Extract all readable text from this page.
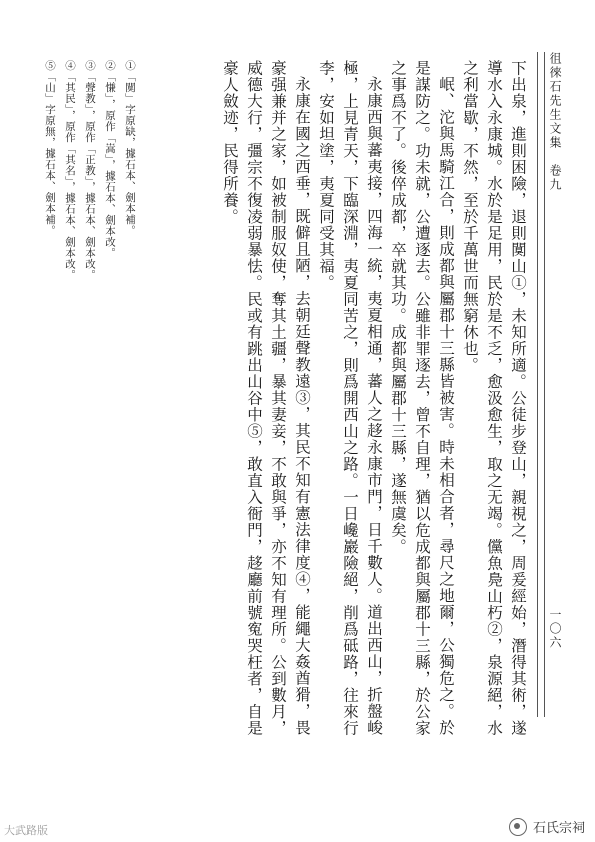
徂徠石先生文集　卷九
一〇六

下出泉，進則困險，退則闃山①，未知所適。公徒步登山，親視之，周爰經始，潛得其術，遂導水入永康城。水於是足用，民於是不乏，愈汲愈生，取之无竭。儻魚鳧山朽②，泉源絕，水之利當歇，不然，至於千萬世而無窮休也。

岷、沱與馬騎江合，則成都與屬郡十三縣皆被害。時未相合者，尋尺之地爾，公獨危之。於是謀防之。功未就，公遭逐去。公雖非罪逐去，曾不自理，猶以危成都與屬郡十三縣，於公家之事爲不了。後倅成都，卒就其功。成都與屬郡十三縣，遂無虞矣。

永康西與蕃夷接，四海一統，夷夏相通，蕃人之趍永康市門，日千數人。道出西山，折盤峻極，上見青天，下臨深淵，夷夏同苦之，則爲開西山之路。一日巉巖險絕，削爲砥路，往來行李，安如坦塗，夷夏同受其福。

永康在國之西垂，既僻且陋，去朝廷聲教遠③，其民不知有憲法律度④，能繩大姦酋猾，畏豪强兼并之家，如被制服奴使，奪其土疆，暴其妻妾，不敢與爭，亦不知有理所。公到數月，威德大行，彊宗不復凌弱暴怯。民或有跳出山谷中⑤，敢直入衙門，趍廳前號寃哭枉者，自是豪人斂迹，民得所養。

①「闃」字原缺，據石本、劍本補。

②「慊」，原作「嵩」，據石本、劍本改。

③「聲教」，原作「正教」，據石本、劍本改。

④「其民」，原作「其名」，據石本、劍本改。

⑤「山」字原無，據石本、劍本補。

大武路版	石氏宗祠
